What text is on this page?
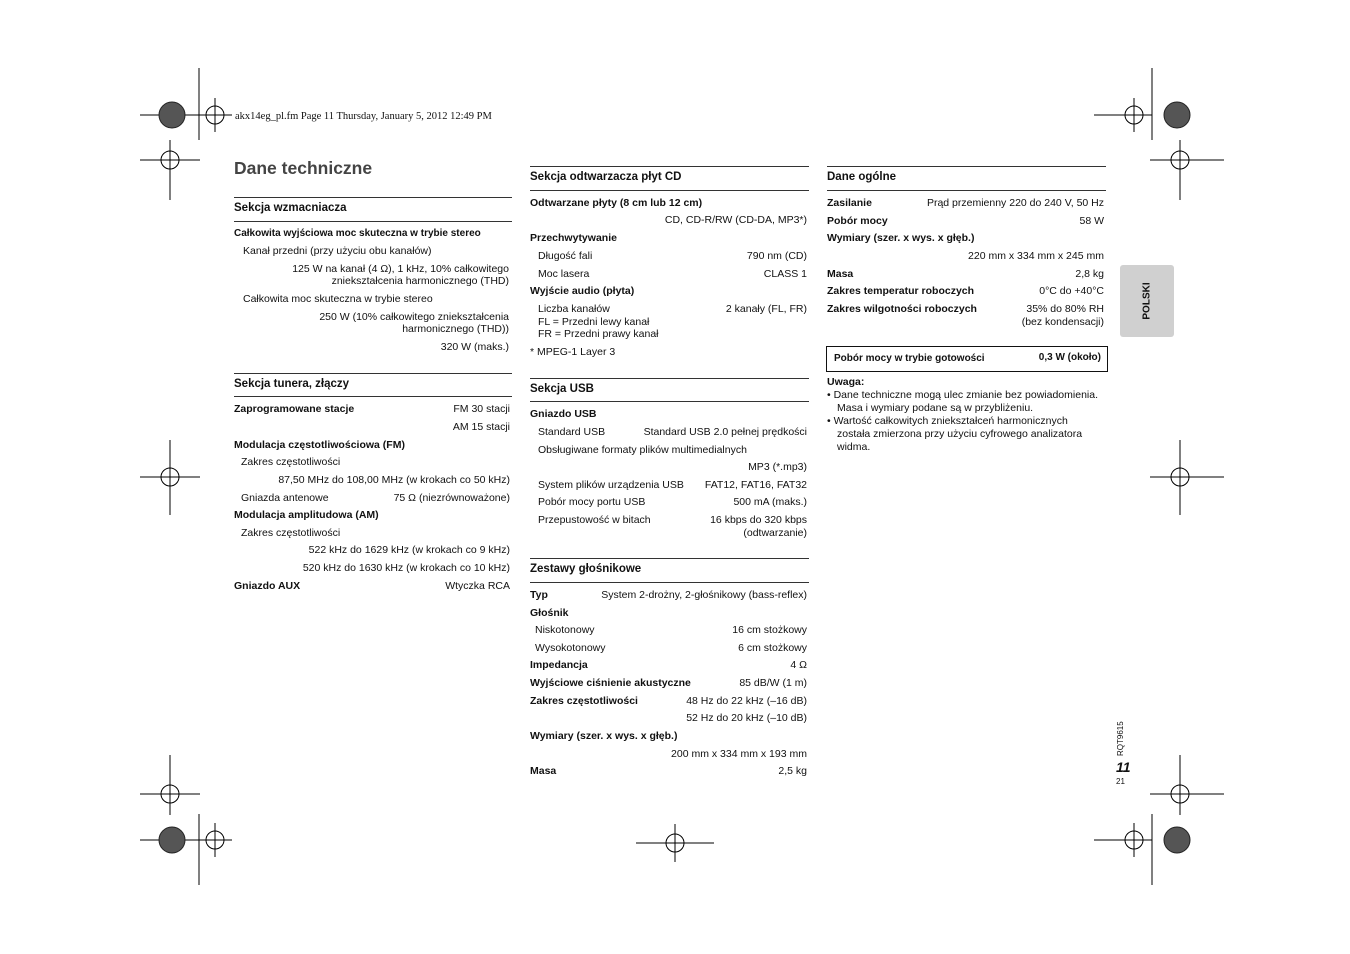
akx14eg_pl.fm Page 11 Thursday, January 5, 2012 12:49 PM
Dane techniczne
POLSKI
RQT9615
11
21
Sekcja wzmacniacza
Całkowita wyjściowa moc skuteczna w trybie stereo
Kanał przedni (przy użyciu obu kanałów)
125 W na kanał (4 Ω), 1 kHz, 10% całkowitego
zniekształcenia harmonicznego (THD)
Całkowita moc skuteczna w trybie stereo
250 W (10% całkowitego zniekształcenia
harmonicznego (THD))
320 W (maks.)
Sekcja tunera, złączy
Zaprogramowane stacje	FM 30 stacji
AM 15 stacji
Modulacja częstotliwościowa (FM)
Zakres częstotliwości
87,50 MHz do 108,00 MHz (w krokach co 50 kHz)
Gniazda antenowe	75 Ω (niezrównoważone)
Modulacja amplitudowa (AM)
Zakres częstotliwości
522 kHz do 1629 kHz (w krokach co 9 kHz)
520 kHz do 1630 kHz (w krokach co 10 kHz)
Gniazdo AUX	Wtyczka RCA
Sekcja odtwarzacza płyt CD
Odtwarzane płyty (8 cm lub 12 cm)
CD, CD-R/RW (CD-DA, MP3*)
Przechwytywanie
Długość fali	790 nm (CD)
Moc lasera	CLASS 1
Wyjście audio (płyta)
Liczba kanałów	2 kanały (FL, FR)
FL = Przedni lewy kanał
FR = Przedni prawy kanał
* MPEG-1 Layer 3
Sekcja USB
Gniazdo USB
Standard USB	Standard USB 2.0 pełnej prędkości
Obsługiwane formaty plików multimedialnych
MP3 (*.mp3)
System plików urządzenia USB FAT12, FAT16, FAT32
Pobór mocy portu USB	500 mA (maks.)
Przepustowość w bitach	16 kbps do 320 kbps
(odtwarzanie)
Zestawy głośnikowe
Typ	System 2-drożny, 2-głośnikowy (bass-reflex)
Głośnik
Niskotonowy	16 cm stożkowy
Wysokotonowy	6 cm stożkowy
Impedancja	4 Ω
Wyjściowe ciśnienie akustyczne	85 dB/W (1 m)
Zakres częstotliwości	48 Hz do 22 kHz (–16 dB)
52 Hz do 20 kHz (–10 dB)
Wymiary (szer. x wys. x głęb.)
200 mm x 334 mm x 193 mm
Masa	2,5 kg
Dane ogólne
Zasilanie	Prąd przemienny 220 do 240 V, 50 Hz
Pobór mocy	58 W
Wymiary (szer. x wys. x głęb.)
220 mm x 334 mm x 245 mm
Masa	2,8 kg
Zakres temperatur roboczych	0°C do +40°C
Zakres wilgotności roboczych	35% do 80% RH
(bez kondensacji)
Pobór mocy w trybie gotowości	0,3 W (około)
Uwaga:
• Dane techniczne mogą ulec zmianie bez powiadomienia.
Masa i wymiary podane są w przybliżeniu.
• Wartość całkowitych zniekształceń harmonicznych
została zmierzona przy użyciu cyfrowego analizatora
widma.
